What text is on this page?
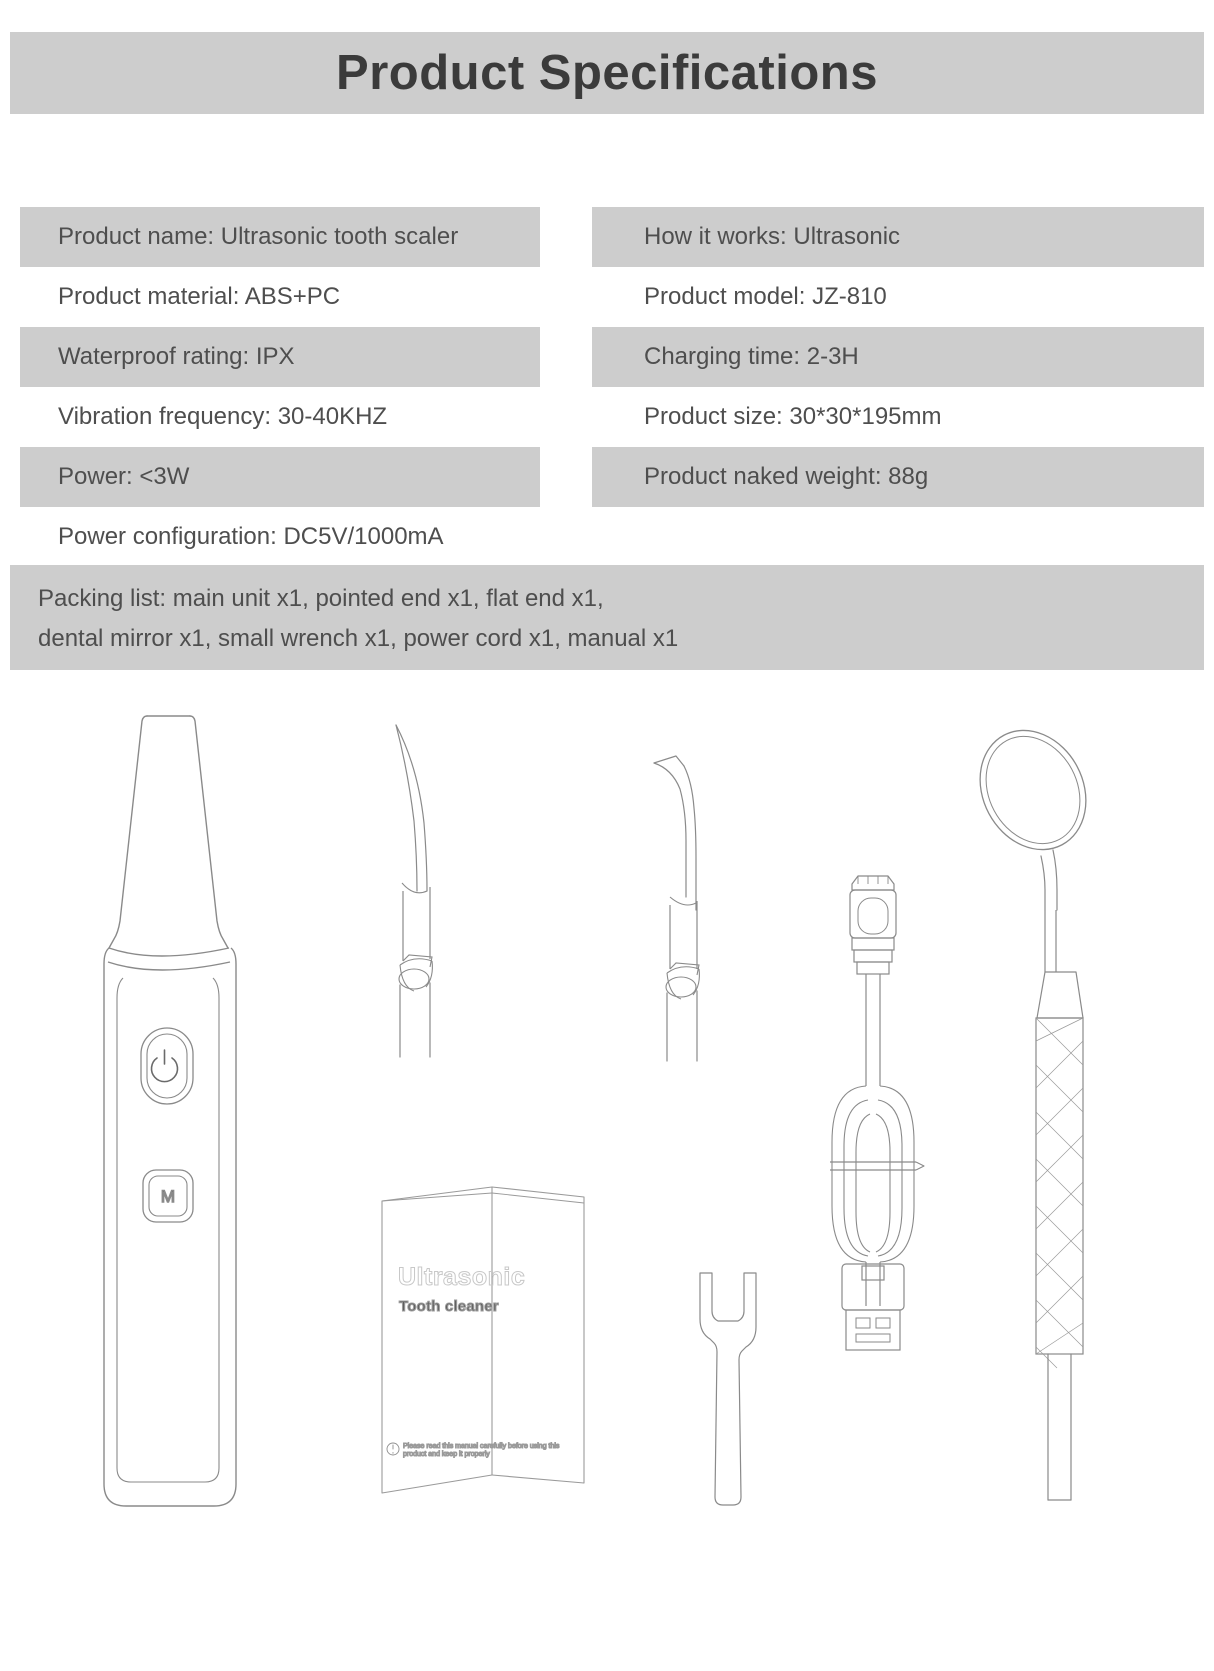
Product Specifications
Product name: Ultrasonic tooth scaler	How it works: Ultrasonic
Product material: ABS+PC	Product model: JZ-810
Waterproof rating: IPX	Charging time: 2-3H
Vibration frequency: 30-40KHZ	Product size: 30*30*195mm
Power: <3W	Product naked weight: 88g
Power configuration: DC5V/1000mA
Packing list: main unit x1, pointed end x1, flat end x1,
dental mirror x1, small wrench x1, power cord x1, manual x1
M
Ultrasonic
Tooth cleaner
Please read this manual carefully before using this
product and keep it properly
